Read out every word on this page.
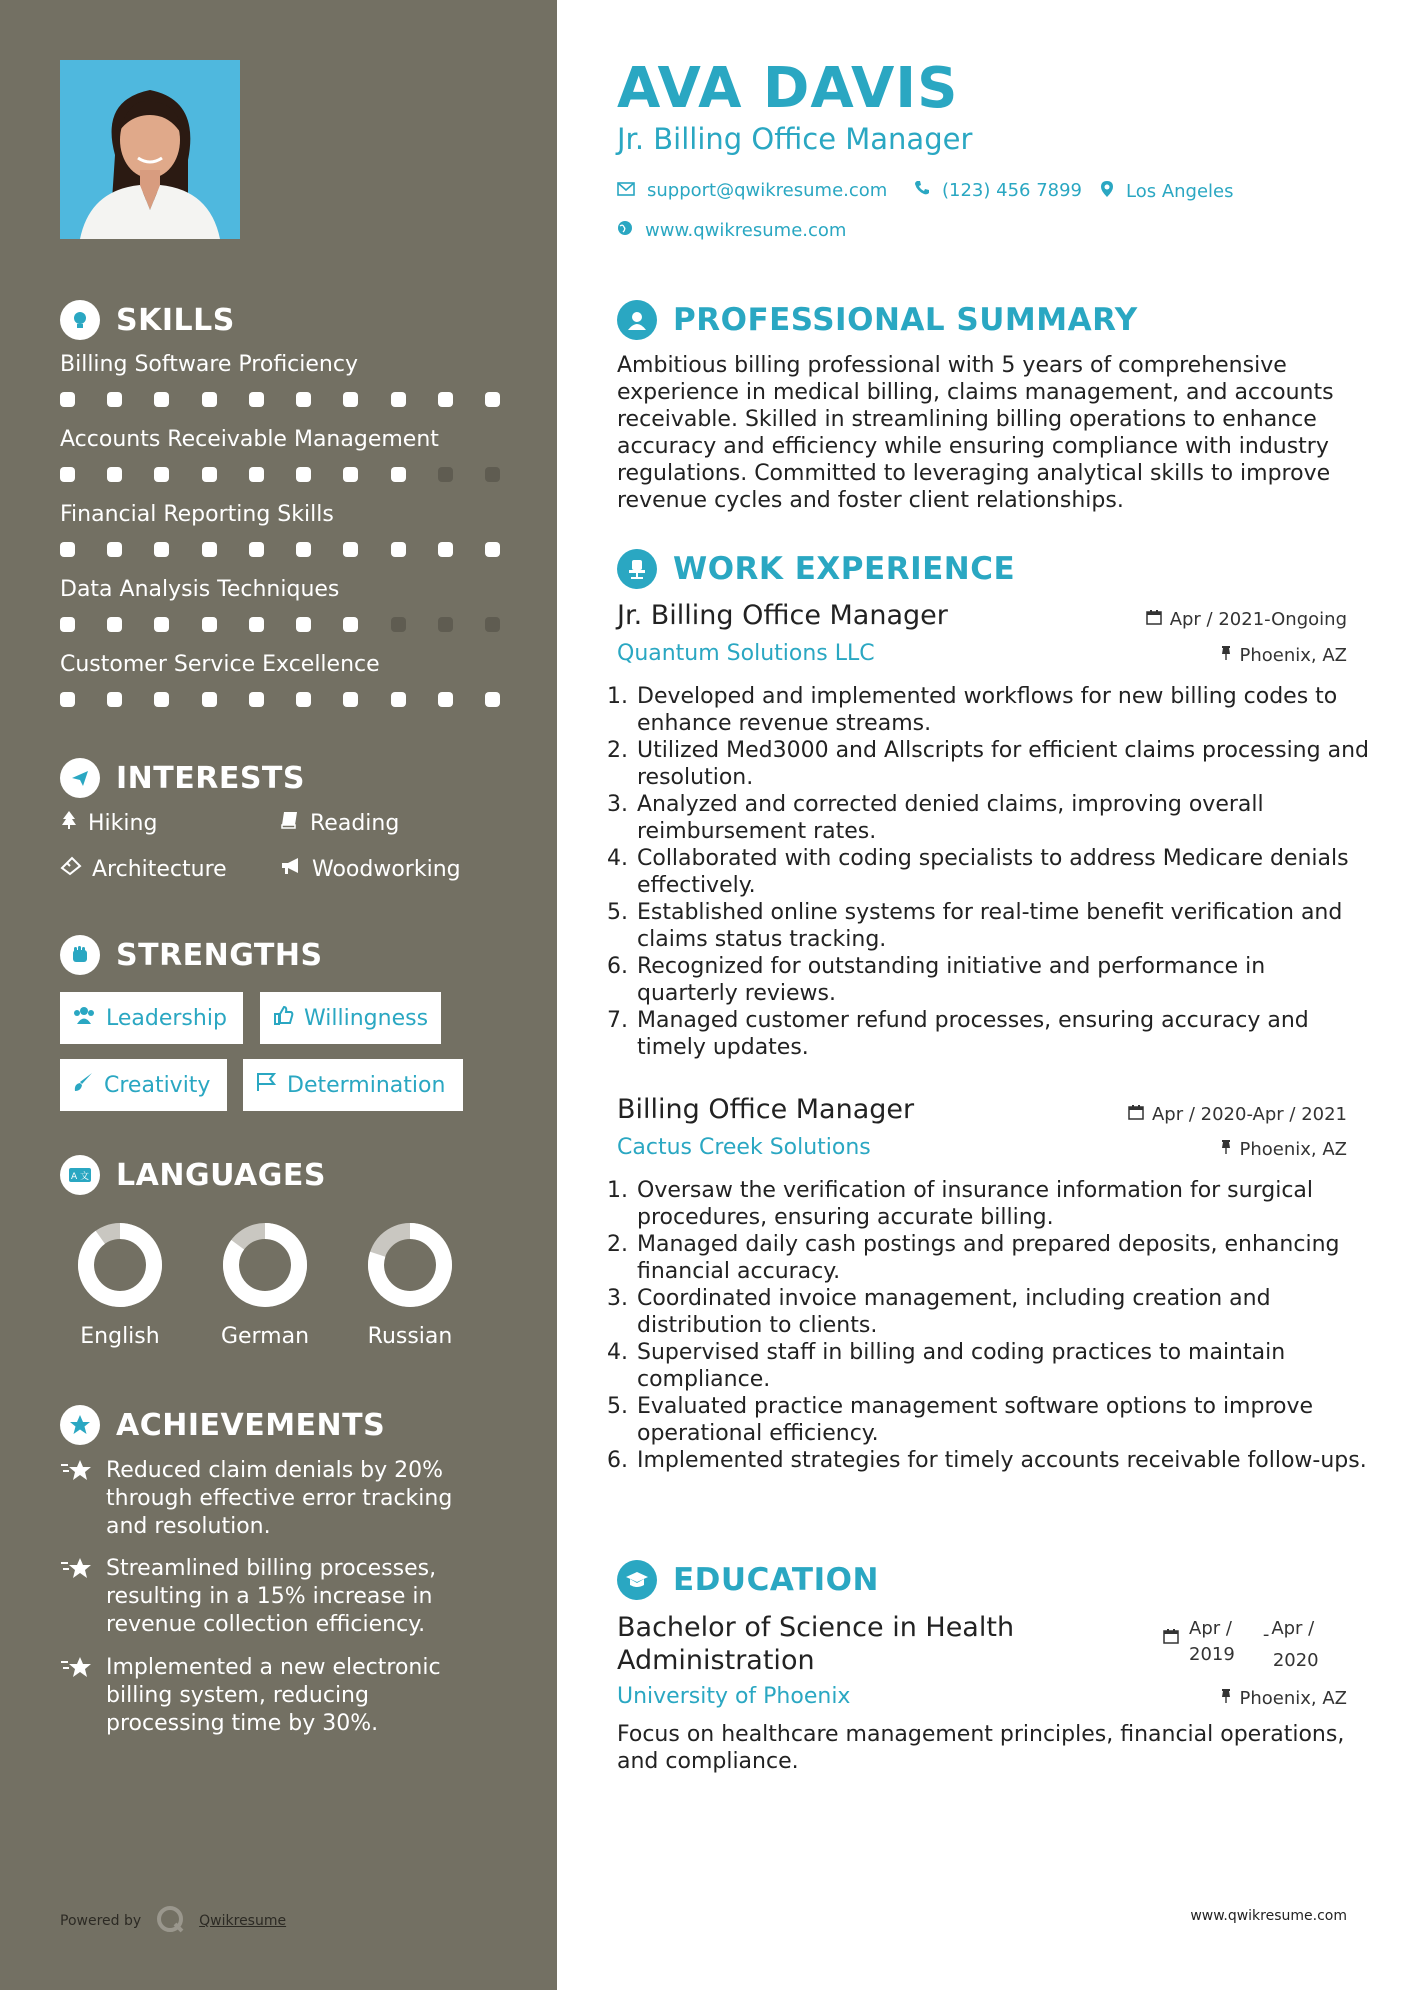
SKILLS
Billing Software Proficiency
Accounts Receivable Management
Financial Reporting Skills
Data Analysis Techniques
Customer Service Excellence
INTERESTS
Hiking	Reading
Architecture	Woodworking
STRENGTHS
Leadership	Willingness
Creativity	Determination
A 文 LANGUAGES
English	German	Russian
ACHIEVEMENTS
Reduced claim denials by 20% through effective error tracking and resolution.
Streamlined billing processes, resulting in a 15% increase in revenue collection efficiency.
Implemented a new electronic billing system, reducing processing time by 30%.
Powered by	Qwikresume
AVA DAVIS
Jr. Billing Office Manager
support@qwikresume.com	(123) 456 7899 Los Angeles
www.qwikresume.com
PROFESSIONAL SUMMARY
Ambitious billing professional with 5 years of comprehensive experience in medical billing, claims management, and accounts receivable. Skilled in streamlining billing operations to enhance accuracy and efficiency while ensuring compliance with industry regulations. Committed to leveraging analytical skills to improve revenue cycles and foster client relationships.
WORK EXPERIENCE
Jr. Billing Office Manager	Apr / 2021-Ongoing
Quantum Solutions LLC	Phoenix, AZ
1. Developed and implemented workflows for new billing codes to enhance revenue streams.
2. Utilized Med3000 and Allscripts for efficient claims processing and resolution.
3. Analyzed and corrected denied claims, improving overall reimbursement rates.
4. Collaborated with coding specialists to address Medicare denials effectively.
5. Established online systems for real-time benefit verification and claims status tracking.
6. Recognized for outstanding initiative and performance in quarterly reviews.
7. Managed customer refund processes, ensuring accuracy and timely updates.
Billing Office Manager	Apr / 2020-Apr / 2021
Cactus Creek Solutions	Phoenix, AZ
1. Oversaw the verification of insurance information for surgical procedures, ensuring accurate billing.
2. Managed daily cash postings and prepared deposits, enhancing financial accuracy.
3. Coordinated invoice management, including creation and distribution to clients.
4. Supervised staff in billing and coding practices to maintain compliance.
5. Evaluated practice management software options to improve operational efficiency.
6. Implemented strategies for timely accounts receivable follow-ups.
EDUCATION
Bachelor of Science in Health Administration
Apr /
2019
- Apr /
2020
University of Phoenix	Phoenix, AZ
Focus on healthcare management principles, financial operations, and compliance.
www.qwikresume.com
